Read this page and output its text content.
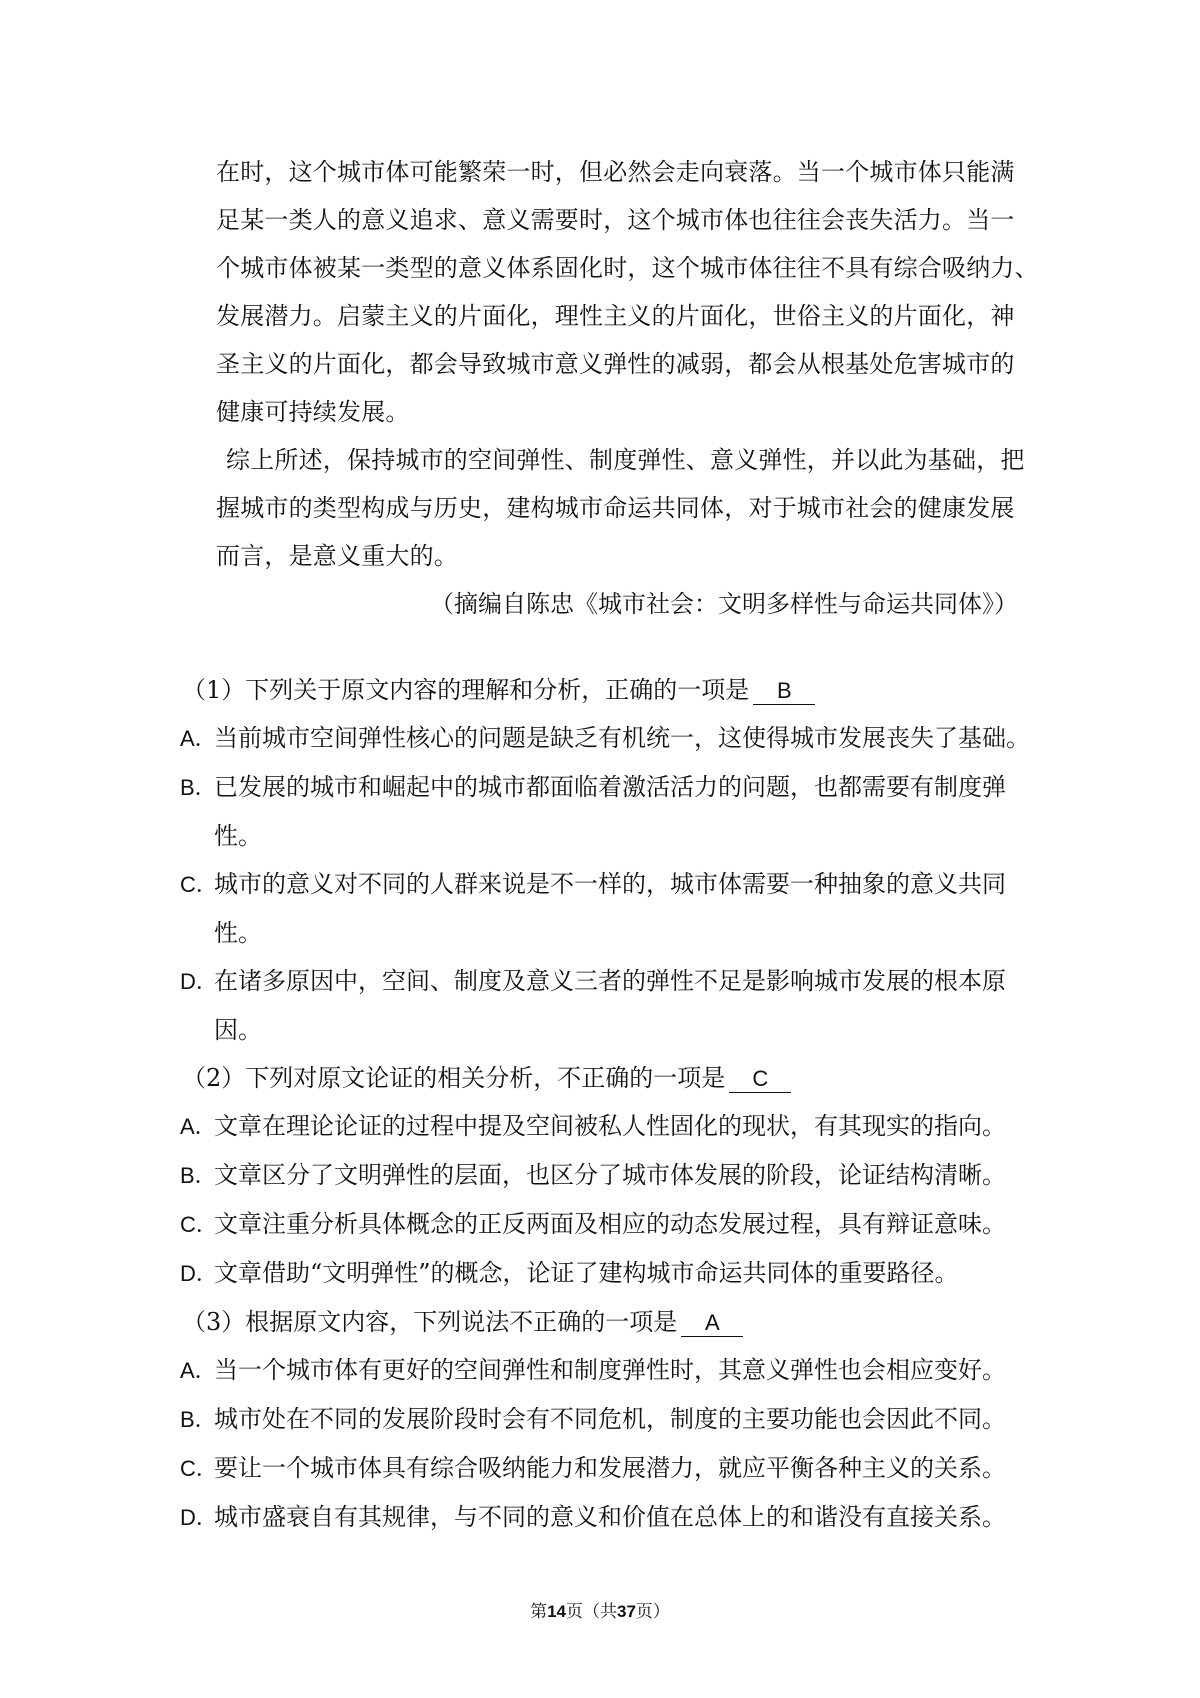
在时，这个城市体可能繁荣一时，但必然会走向衰落。当一个城市体只能满
足某一类人的意义追求、意义需要时，这个城市体也往往会丧失活力。当一
个城市体被某一类型的意义体系固化时，这个城市体往往不具有综合吸纳力、
发展潜力。启蒙主义的片面化，理性主义的片面化，世俗主义的片面化，神
圣主义的片面化，都会导致城市意义弹性的减弱，都会从根基处危害城市的
健康可持续发展。
综上所述，保持城市的空间弹性、制度弹性、意义弹性，并以此为基础，把
握城市的类型构成与历史，建构城市命运共同体，对于城市社会的健康发展
而言，是意义重大的。
（摘编自陈忠《城市社会：文明多样性与命运共同体》）
（1）下列关于原文内容的理解和分析，正确的一项是 B
A．当前城市空间弹性核心的问题是缺乏有机统一，这使得城市发展丧失了基础。
B．已发展的城市和崛起中的城市都面临着激活活力的问题，也都需要有制度弹
性。
C．城市的意义对不同的人群来说是不一样的，城市体需要一种抽象的意义共同
性。
D．在诸多原因中，空间、制度及意义三者的弹性不足是影响城市发展的根本原
因。
（2）下列对原文论证的相关分析，不正确的一项是 C
A．文章在理论论证的过程中提及空间被私人性固化的现状，有其现实的指向。
B．文章区分了文明弹性的层面，也区分了城市体发展的阶段，论证结构清晰。
C．文章注重分析具体概念的正反两面及相应的动态发展过程，具有辩证意味。
D．文章借助“文明弹性”的概念，论证了建构城市命运共同体的重要路径。
（3）根据原文内容，下列说法不正确的一项是 A
A．当一个城市体有更好的空间弹性和制度弹性时，其意义弹性也会相应变好。
B．城市处在不同的发展阶段时会有不同危机，制度的主要功能也会因此不同。
C．要让一个城市体具有综合吸纳能力和发展潜力，就应平衡各种主义的关系。
D．城市盛衰自有其规律，与不同的意义和价值在总体上的和谐没有直接关系。
第14页（共37页）
